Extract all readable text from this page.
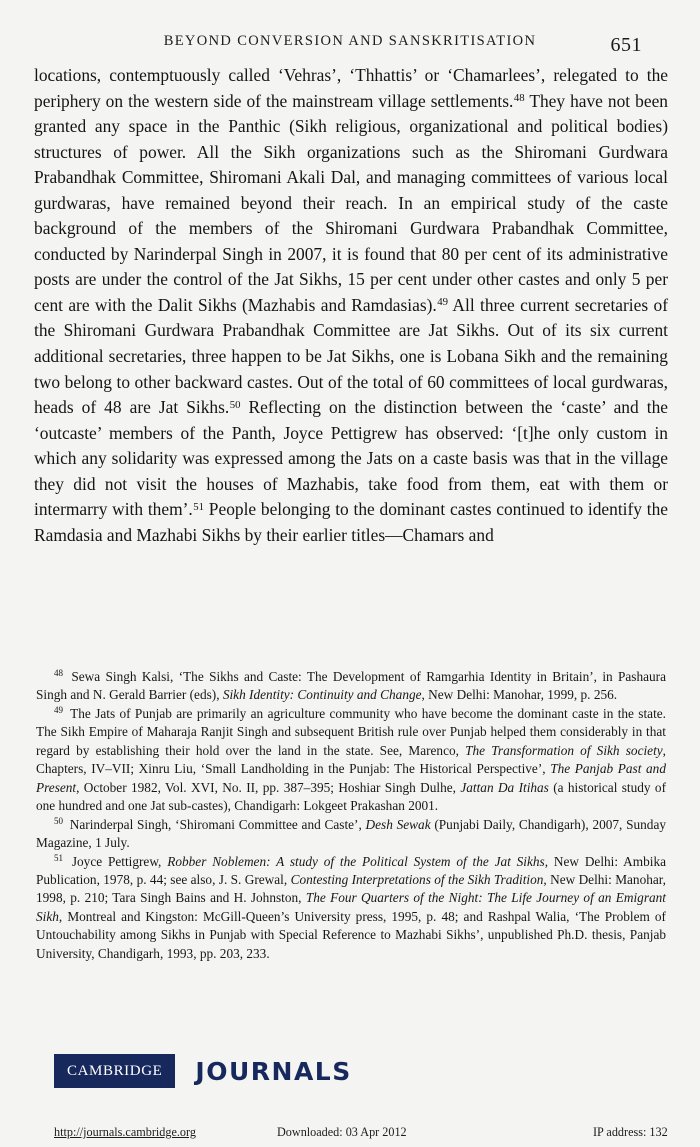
BEYOND CONVERSION AND SANSKRITISATION	651

locations, contemptuously called ‘Vehras’, ‘Thhattis’ or ‘Chamarlees’, relegated to the periphery on the western side of the mainstream village settlements.$^{48}$ They have not been granted any space in the Panthic (Sikh religious, organizational and political bodies) structures of power. All the Sikh organizations such as the Shiromani Gurdwara Prabandhak Committee, Shiromani Akali Dal, and managing committees of various local gurdwaras, have remained beyond their reach. In an empirical study of the caste background of the members of the Shiromani Gurdwara Prabandhak Committee, conducted by Narinderpal Singh in 2007, it is found that 80 per cent of its administrative posts are under the control of the Jat Sikhs, 15 per cent under other castes and only 5 per cent are with the Dalit Sikhs (Mazhabis and Ramdasias).$^{49}$ All three current secretaries of the Shiromani Gurdwara Prabandhak Committee are Jat Sikhs. Out of its six current additional secretaries, three happen to be Jat Sikhs, one is Lobana Sikh and the remaining two belong to other backward castes. Out of the total of 60 committees of local gurdwaras, heads of 48 are Jat Sikhs.$^{50}$ Reflecting on the distinction between the ‘caste’ and the ‘outcaste’ members of the Panth, Joyce Pettigrew has observed: ‘[t]he only custom in which any solidarity was expressed among the Jats on a caste basis was that in the village they did not visit the houses of Mazhabis, take food from them, eat with them or intermarry with them’.$^{51}$ People belonging to the dominant castes continued to identify the Ramdasia and Mazhabi Sikhs by their earlier titles—Chamars and

$^{48}$ Sewa Singh Kalsi, ‘The Sikhs and Caste: The Development of Ramgarhia Identity in Britain’, in Pashaura Singh and N. Gerald Barrier (eds), Sikh Identity: Continuity and Change, New Delhi: Manohar, 1999, p. 256.

$^{49}$ The Jats of Punjab are primarily an agriculture community who have become the dominant caste in the state. The Sikh Empire of Maharaja Ranjit Singh and subsequent British rule over Punjab helped them considerably in that regard by establishing their hold over the land in the state. See, Marenco, The Transformation of Sikh society, Chapters, IV–VII; Xinru Liu, ‘Small Landholding in the Punjab: The Historical Perspective’, The Panjab Past and Present, October 1982, Vol. XVI, No. II, pp. 387–395; Hoshiar Singh Dulhe, Jattan Da Itihas (a historical study of one hundred and one Jat sub-castes), Chandigarh: Lokgeet Prakashan 2001.

$^{50}$ Narinderpal Singh, ‘Shiromani Committee and Caste’, Desh Sewak (Punjabi Daily, Chandigarh), 2007, Sunday Magazine, 1 July.

$^{51}$ Joyce Pettigrew, Robber Noblemen: A study of the Political System of the Jat Sikhs, New Delhi: Ambika Publication, 1978, p. 44; see also, J. S. Grewal, Contesting Interpretations of the Sikh Tradition, New Delhi: Manohar, 1998, p. 210; Tara Singh Bains and H. Johnston, The Four Quarters of the Night: The Life Journey of an Emigrant Sikh, Montreal and Kingston: McGill-Queen’s University press, 1995, p. 48; and Rashpal Walia, ‘The Problem of Untouchability among Sikhs in Punjab with Special Reference to Mazhabi Sikhs’, unpublished Ph.D. thesis, Panjab University, Chandigarh, 1993, pp. 203, 233.

CAMBRIDGE	JOURNALS
http://journals.cambridge.org	Downloaded: 03 Apr 2012	IP address: 132
